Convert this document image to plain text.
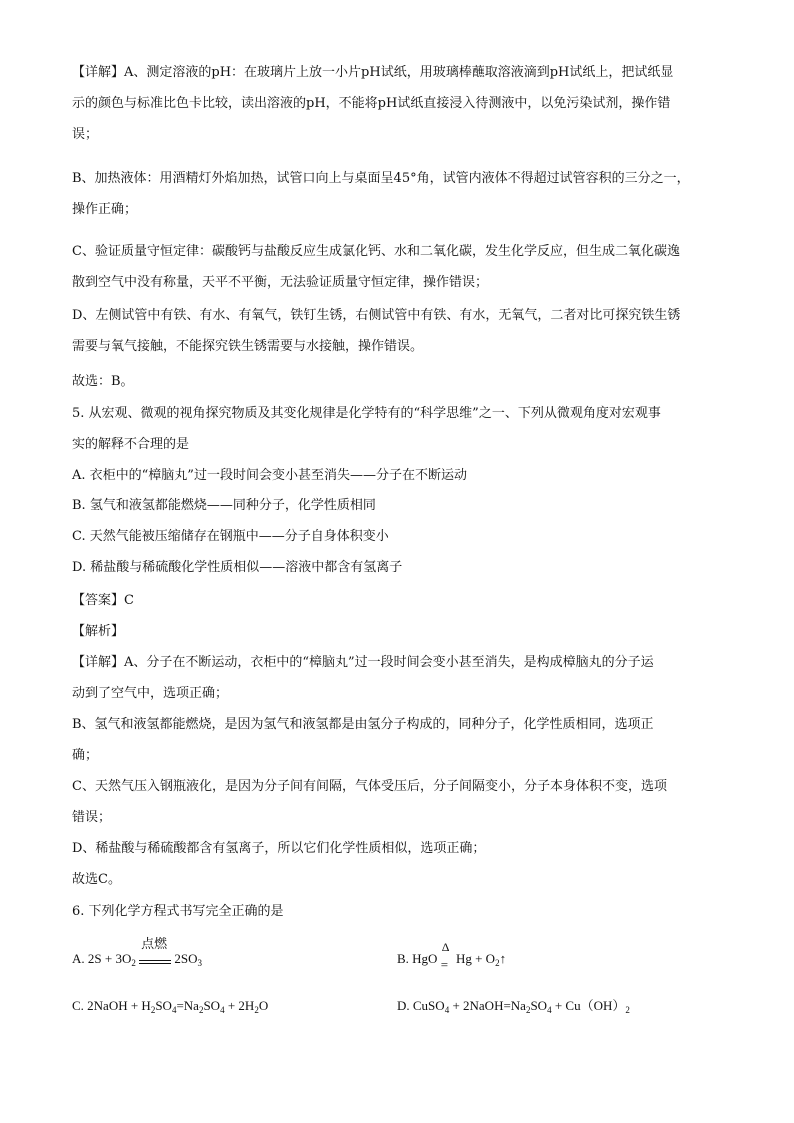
【详解】A、测定溶液的pH：在玻璃片上放一小片pH试纸，用玻璃棒蘸取溶液滴到pH试纸上，把试纸显
示的颜色与标准比色卡比较，读出溶液的pH，不能将pH试纸直接浸入待测液中，以免污染试剂，操作错
误；
B、加热液体：用酒精灯外焰加热，试管口向上与桌面呈45°角，试管内液体不得超过试管容积的三分之一，
操作正确；
C、验证质量守恒定律：碳酸钙与盐酸反应生成氯化钙、水和二氧化碳，发生化学反应，但生成二氧化碳逸
散到空气中没有称量，天平不平衡，无法验证质量守恒定律，操作错误；
D、左侧试管中有铁、有水、有氧气，铁钉生锈，右侧试管中有铁、有水，无氧气，二者对比可探究铁生锈
需要与氧气接触，不能探究铁生锈需要与水接触，操作错误。
故选：B。
5. 从宏观、微观的视角探究物质及其变化规律是化学特有的“科学思维”之一、下列从微观角度对宏观事
实的解释不合理的是
A. 衣柜中的“樟脑丸”过一段时间会变小甚至消失——分子在不断运动
B. 氢气和液氢都能燃烧——同种分子，化学性质相同
C. 天然气能被压缩储存在钢瓶中——分子自身体积变小
D. 稀盐酸与稀硫酸化学性质相似——溶液中都含有氢离子
【答案】C
【解析】
【详解】A、分子在不断运动，衣柜中的“樟脑丸”过一段时间会变小甚至消失，是构成樟脑丸的分子运
动到了空气中，选项正确；
B、氢气和液氢都能燃烧，是因为氢气和液氢都是由氢分子构成的，同种分子，化学性质相同，选项正
确；
C、天然气压入钢瓶液化，是因为分子间有间隔，气体受压后，分子间隔变小，分子本身体积不变，选项
错误；
D、稀盐酸与稀硫酸都含有氢离子，所以它们化学性质相似，选项正确；
故选C。
6. 下列化学方程式书写完全正确的是
A. $2S + 3O_2$
点燃
$2SO_3$	B. HgO
Δ
= $Hg + O_2↑$
C. 2NaOH + $H_2SO_4=Na_2SO_4 + 2H_2O$	D. CuSO$_4$ + $2NaOH=Na_2SO_4 + Cu(OH)_2$
